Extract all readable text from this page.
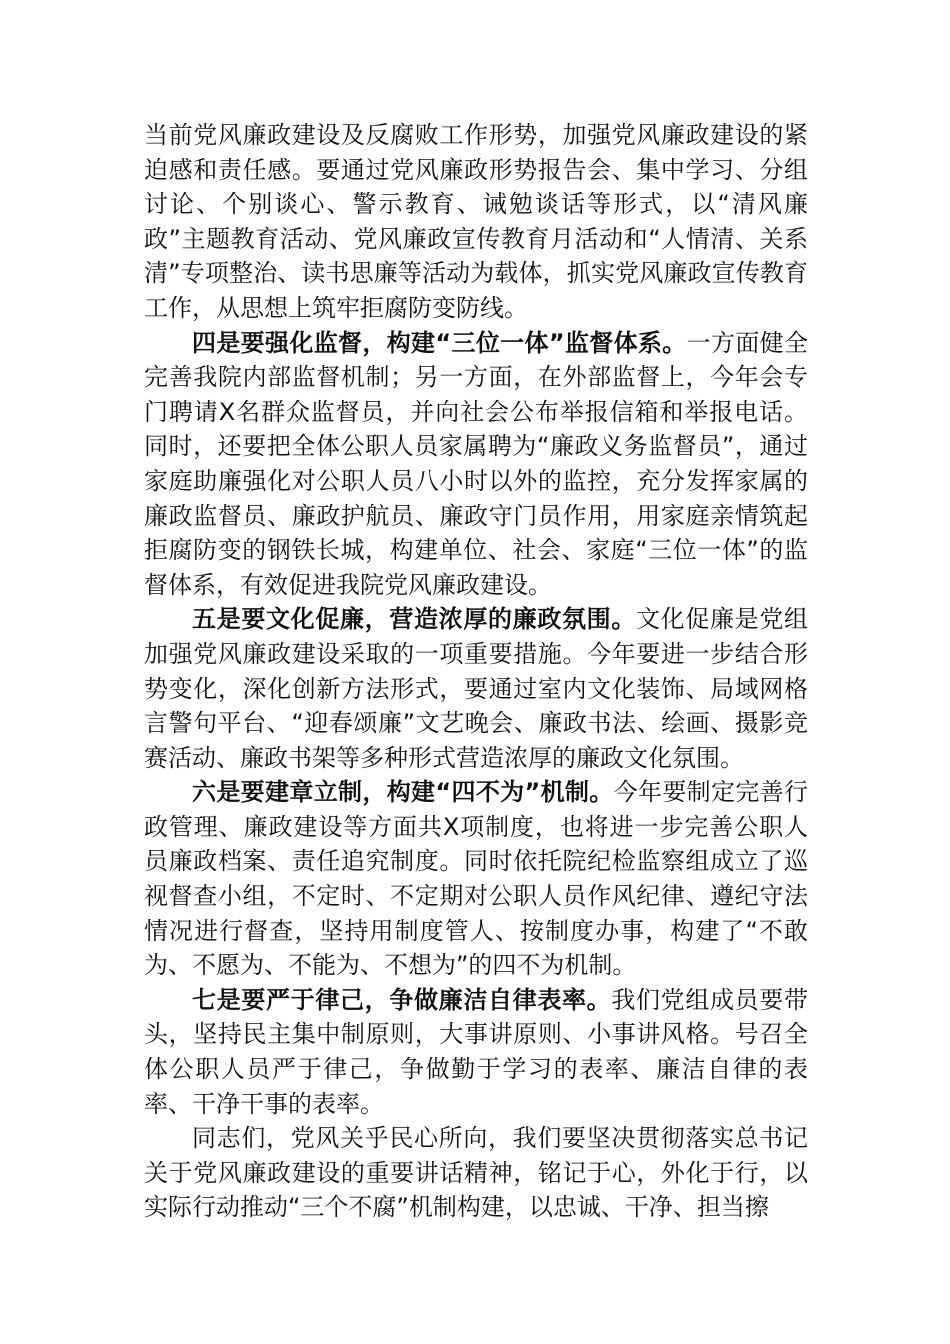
当前党风廉政建设及反腐败工作形势，加强党风廉政建设的紧迫感和责任感。要通过党风廉政形势报告会、集中学习、分组讨论、个别谈心、警示教育、诫勉谈话等形式，以“清风廉政”主题教育活动、党风廉政宣传教育月活动和“人情清、关系清”专项整治、读书思廉等活动为载体，抓实党风廉政宣传教育工作，从思想上筑牢拒腐防变防线。

四是要强化监督，构建“三位一体”监督体系。一方面健全完善我院内部监督机制；另一方面，在外部监督上，今年会专门聘请X名群众监督员，并向社会公布举报信箱和举报电话。同时，还要把全体公职人员家属聘为“廉政义务监督员”，通过家庭助廉强化对公职人员八小时以外的监控，充分发挥家属的廉政监督员、廉政护航员、廉政守门员作用，用家庭亲情筑起拒腐防变的钢铁长城，构建单位、社会、家庭“三位一体”的监督体系，有效促进我院党风廉政建设。

五是要文化促廉，营造浓厚的廉政氛围。文化促廉是党组加强党风廉政建设采取的一项重要措施。今年要进一步结合形势变化，深化创新方法形式，要通过室内文化装饰、局域网格言警句平台、“迎春颂廉”文艺晚会、廉政书法、绘画、摄影竞赛活动、廉政书架等多种形式营造浓厚的廉政文化氛围。

六是要建章立制，构建“四不为”机制。今年要制定完善行政管理、廉政建设等方面共X项制度，也将进一步完善公职人员廉政档案、责任追究制度。同时依托院纪检监察组成立了巡视督查小组，不定时、不定期对公职人员作风纪律、遵纪守法情况进行督查，坚持用制度管人、按制度办事，构建了“不敢为、不愿为、不能为、不想为”的四不为机制。

七是要严于律己，争做廉洁自律表率。我们党组成员要带头，坚持民主集中制原则，大事讲原则、小事讲风格。号召全体公职人员严于律己，争做勤于学习的表率、廉洁自律的表率、干净干事的表率。

同志们，党风关乎民心所向，我们要坚决贯彻落实总书记关于党风廉政建设的重要讲话精神，铭记于心，外化于行，以实际行动推动“三个不腐”机制构建，以忠诚、干净、担当擦
